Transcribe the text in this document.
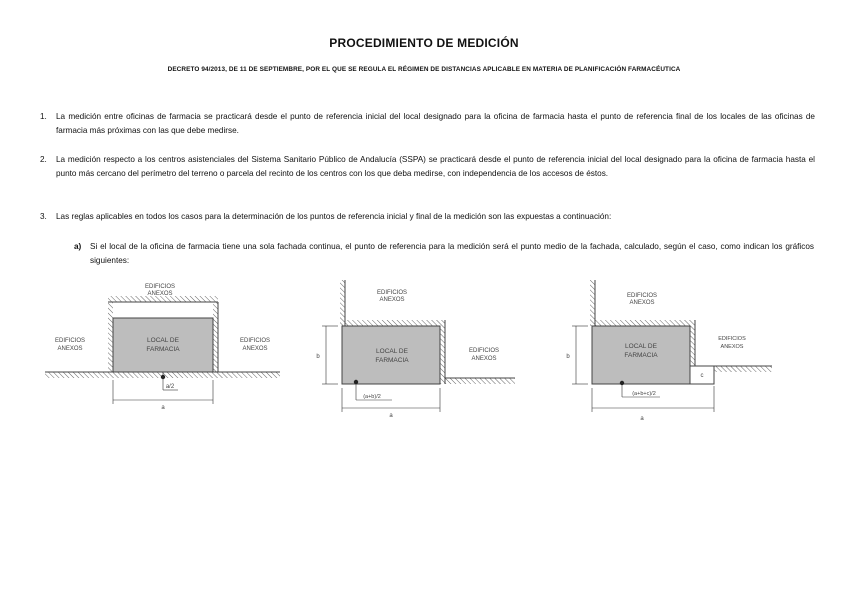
PROCEDIMIENTO DE MEDICIÓN
DECRETO 94/2013, DE 11 DE SEPTIEMBRE, POR EL QUE SE REGULA EL RÉGIMEN DE DISTANCIAS APLICABLE EN MATERIA DE PLANIFICACIÓN FARMACÉUTICA
1. La medición entre oficinas de farmacia se practicará desde el punto de referencia inicial del local designado para la oficina de farmacia hasta el punto de referencia final de los locales de las oficinas de farmacia más próximas con las que debe medirse.
2. La medición respecto a los centros asistenciales del Sistema Sanitario Público de Andalucía (SSPA) se practicará desde el punto de referencia inicial del local designado para la oficina de farmacia hasta el punto más cercano del perímetro del terreno o parcela del recinto de los centros con los que deba medirse, con independencia de los accesos de éstos.
3. Las reglas aplicables en todos los casos para la determinación de los puntos de referencia inicial y final de la medición son las expuestas a continuación:
a) Si el local de la oficina de farmacia tiene una sola fachada continua, el punto de referencia para la medición será el punto medio de la fachada, calculado, según el caso, como indican los gráficos siguientes:
EDIFICIOS
ANEXOS
EDIFICIOS
ANEXOS
EDIFICIOS
ANEXOS
LOCAL DE
FARMACIA
a/2
a
EDIFICIOS
ANEXOS
EDIFICIOS
ANEXOS
LOCAL DE
FARMACIA
(a+b)/2
b
a
EDIFICIOS
ANEXOS
EDIFICIOS
ANEXOS
LOCAL DE
FARMACIA
(a+b+c)/2
b
c
a
